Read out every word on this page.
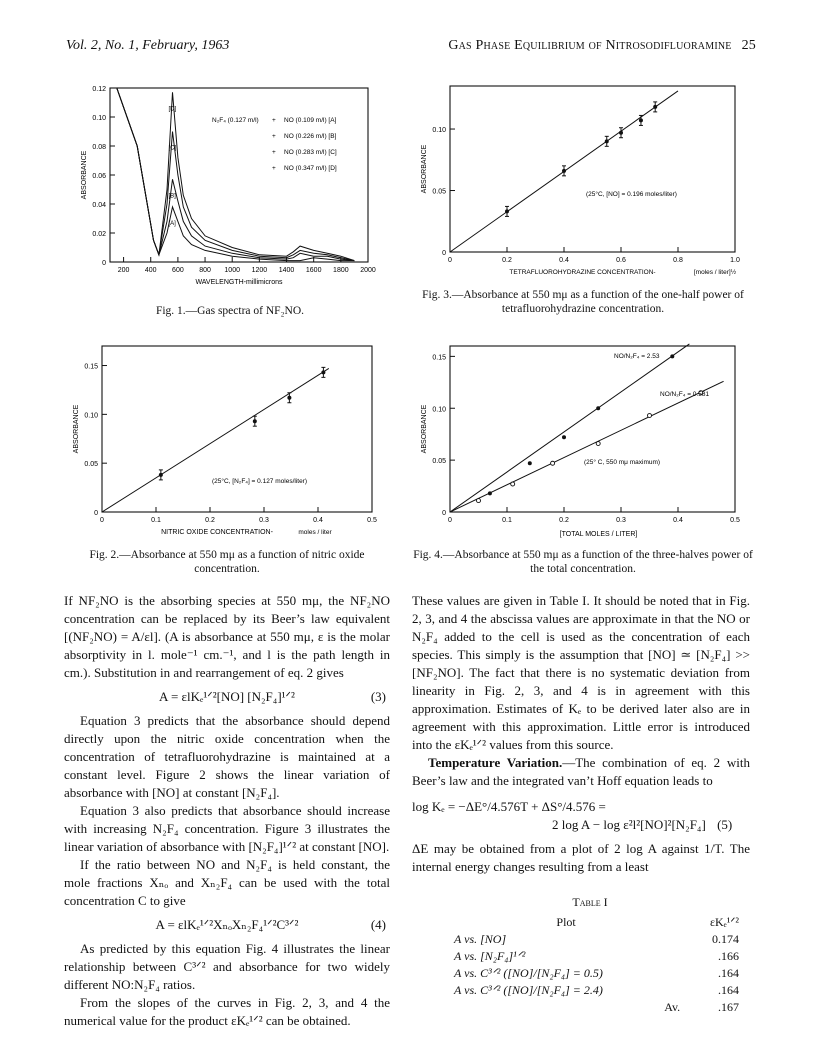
Vol. 2, No. 1, February, 1963	Gas Phase Equilibrium of Nitrosodifluoramine 25
0
0.02
0.04
0.06
0.08
0.10
0.12
200 400 600 800 1000 1200 1400 1600 1800 2000
ABSORBANCE
WAVELENGTH-millimicrons
[A]
[B]
[C]
[D]
N₂F₄ (0.127 m/l) + NO (0.109 m/l) [A]
+ NO (0.226 m/l) [B]
+ NO (0.283 m/l) [C]
+ NO (0.347 m/l) [D]
Fig. 1.—Gas spectra of NF₂NO.
0
0.05
0.10
0	0.2	0.4	0.6	0.8	1.0
ABSORBANCE
TETRAFLUOROHYDRAZINE CONCENTRATION-	[moles / liter]½
(25°C, [NO] = 0.196 moles/liter)
Fig. 3.—Absorbance at 550 mμ as a function of the one-half power of tetrafluorohydrazine concentration.
0
0.05
0.10
0.15
0	0.1	0.2	0.3	0.4	0.5
ABSORBANCE
NITRIC OXIDE CONCENTRATION-	moles / liter
(25°C, [N₂F₄] = 0.127 moles/liter)
Fig. 2.—Absorbance at 550 mμ as a function of nitric oxide concentration.
0
0.05
0.10
0.15
0	0.1	0.2	0.3	0.4	0.5
ABSORBANCE
[TOTAL MOLES / LITER]
NO/N₂F₄ = 2.53
NO/N₂F₄ = 0.581
(25° C, 550 mμ maximum)
Fig. 4.—Absorbance at 550 mμ as a function of the three-halves power of the total concentration.

If NF₂NO is the absorbing species at 550 mμ, the NF₂NO concentration can be replaced by its Beer’s law equivalent [(NF₂NO) = A/εl]. (A is absorbance at 550 mμ, ε is the molar absorptivity in l. mole⁻¹ cm.⁻¹, and l is the path length in cm.). Substitution in and rearrangement of eq. 2 gives

A = εlKₑ¹ᐟ²[NO] [N₂F₄]¹ᐟ²	(3)

Equation 3 predicts that the absorbance should depend directly upon the nitric oxide concentration when the concentration of tetrafluorohydrazine is maintained at a constant level. Figure 2 shows the linear variation of absorbance with [NO] at constant [N₂F₄].

Equation 3 also predicts that absorbance should increase with increasing N₂F₄ concentration. Figure 3 illustrates the linear variation of absorbance with [N₂F₄]¹ᐟ² at constant [NO].

If the ratio between NO and N₂F₄ is held constant, the mole fractions Xₙₒ and Xₙ₂F₄ can be used with the total concentration C to give

A = εlKₑ¹ᐟ²XₙₒXₙ₂F₄¹ᐟ²C³ᐟ²	(4)

As predicted by this equation Fig. 4 illustrates the linear relationship between C³ᐟ² and absorbance for two widely different NO:N₂F₄ ratios.

From the slopes of the curves in Fig. 2, 3, and 4 the numerical value for the product εKₑ¹ᐟ² can be obtained.

These values are given in Table I. It should be noted that in Fig. 2, 3, and 4 the abscissa values are approximate in that the NO or N₂F₄ added to the cell is used as the concentration of each species. This simply is the assumption that [NO] ≃ [N₂F₄] >> [NF₂NO]. The fact that there is no systematic deviation from linearity in Fig. 2, 3, and 4 is in agreement with this approximation. Estimates of Kₑ to be derived later also are in agreement with this approximation. Little error is introduced into the εKₑ¹ᐟ² values from this source.

Temperature Variation.—The combination of eq. 2 with Beer’s law and the integrated van’t Hoff equation leads to

log Kₑ = −ΔE°/4.576T + ΔS°/4.576 =
2 log A − log ε²l²[NO]²[N₂F₄] (5)

ΔE may be obtained from a plot of 2 log A against 1/T. The internal energy changes resulting from a least

Table I
Plot	εKₑ¹ᐟ²
A vs. [NO]	0.174
A vs. [N₂F₄]¹ᐟ²	.166
A vs. C³ᐟ² ([NO]/[N₂F₄] = 0.5)	.164
A vs. C³ᐟ² ([NO]/[N₂F₄] = 2.4)	.164
Av.	.167
